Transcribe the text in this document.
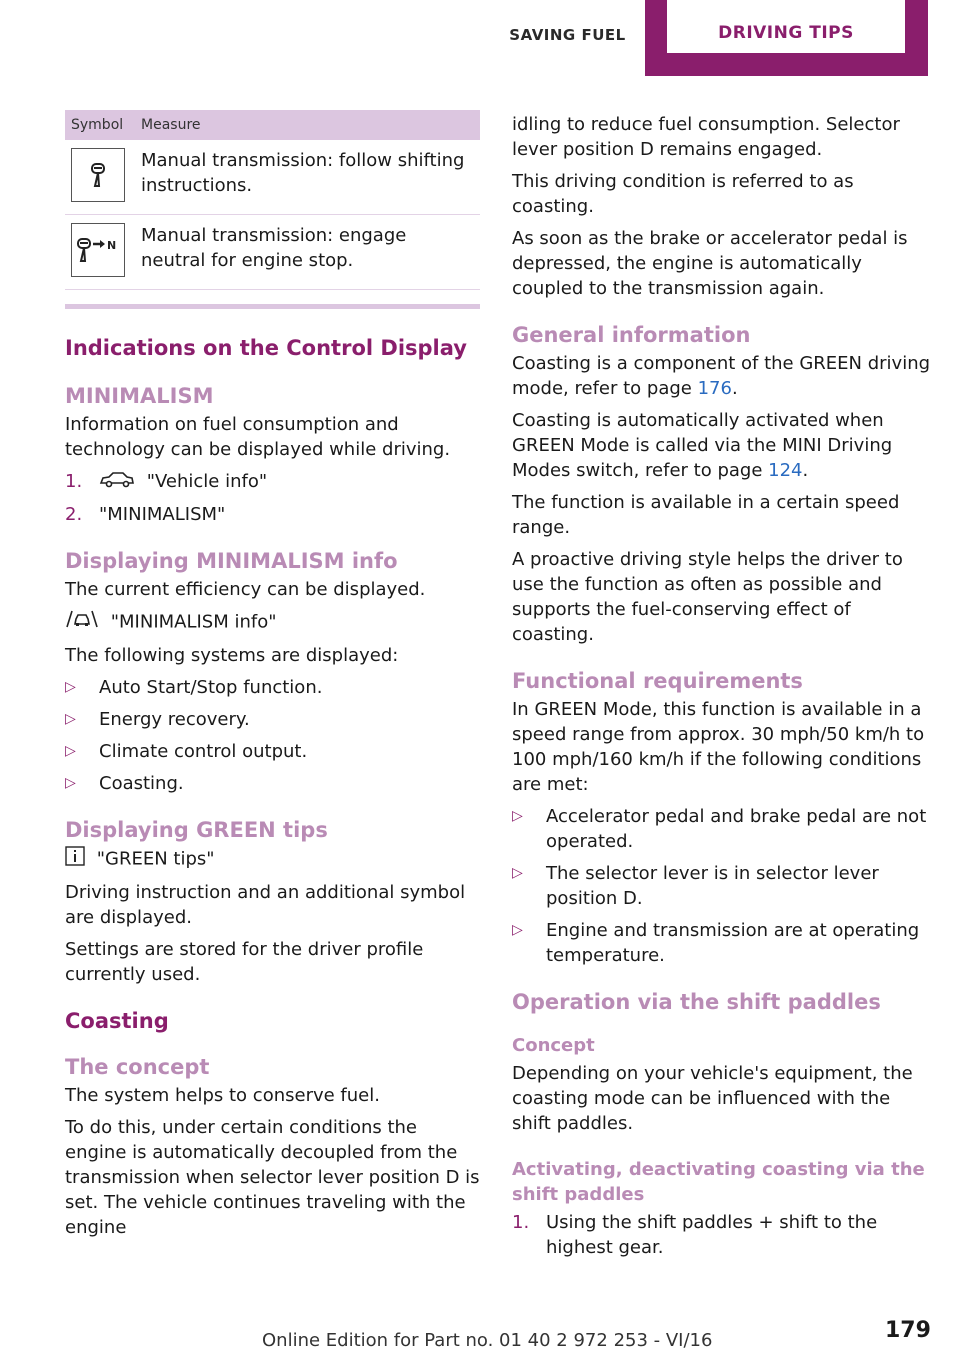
SAVING FUEL	DRIVING TIPS
Symbol	Measure

	Manual transmission: follow shifting instructions.

N	Manual transmission: engage neutral for engine stop.
Indications on the Control Display
MINIMALISM

Information on fuel consumption and technology can be displayed while driving.

1.	"Vehicle info"
2. "MINIMALISM"
Displaying MINIMALISM info

The current efficiency can be displayed.

"MINIMALISM info"

The following systems are displayed:

▷ Auto Start/Stop function.
▷ Energy recovery.
▷ Climate control output.
▷ Coasting.
Displaying GREEN tips

"GREEN tips"

Driving instruction and an additional symbol are displayed.

Settings are stored for the driver profile currently used.

Coasting
The concept

The system helps to conserve fuel.

To do this, under certain conditions the engine is automatically decoupled from the transmission when selector lever position D is set. The vehicle continues traveling with the engine

idling to reduce fuel consumption. Selector lever position D remains engaged.

This driving condition is referred to as coasting.

As soon as the brake or accelerator pedal is depressed, the engine is automatically coupled to the transmission again.

General information

Coasting is a component of the GREEN driving mode, refer to page 176.

Coasting is automatically activated when GREEN Mode is called via the MINI Driving Modes switch, refer to page 124.

The function is available in a certain speed range.

A proactive driving style helps the driver to use the function as often as possible and supports the fuel-conserving effect of coasting.

Functional requirements

In GREEN Mode, this function is available in a speed range from approx. 30 mph/50 km/h to 100 mph/160 km/h if the following conditions are met:

▷ Accelerator pedal and brake pedal are not operated.
▷ The selector lever is in selector lever position D.
▷ Engine and transmission are at operating temperature.
Operation via the shift paddles
Concept

Depending on your vehicle's equipment, the coasting mode can be influenced with the shift paddles.

Activating, deactivating coasting via the shift paddles
1. Using the shift paddles + shift to the highest gear.
Online Edition for Part no. 01 40 2 972 253 - VI/16	179
